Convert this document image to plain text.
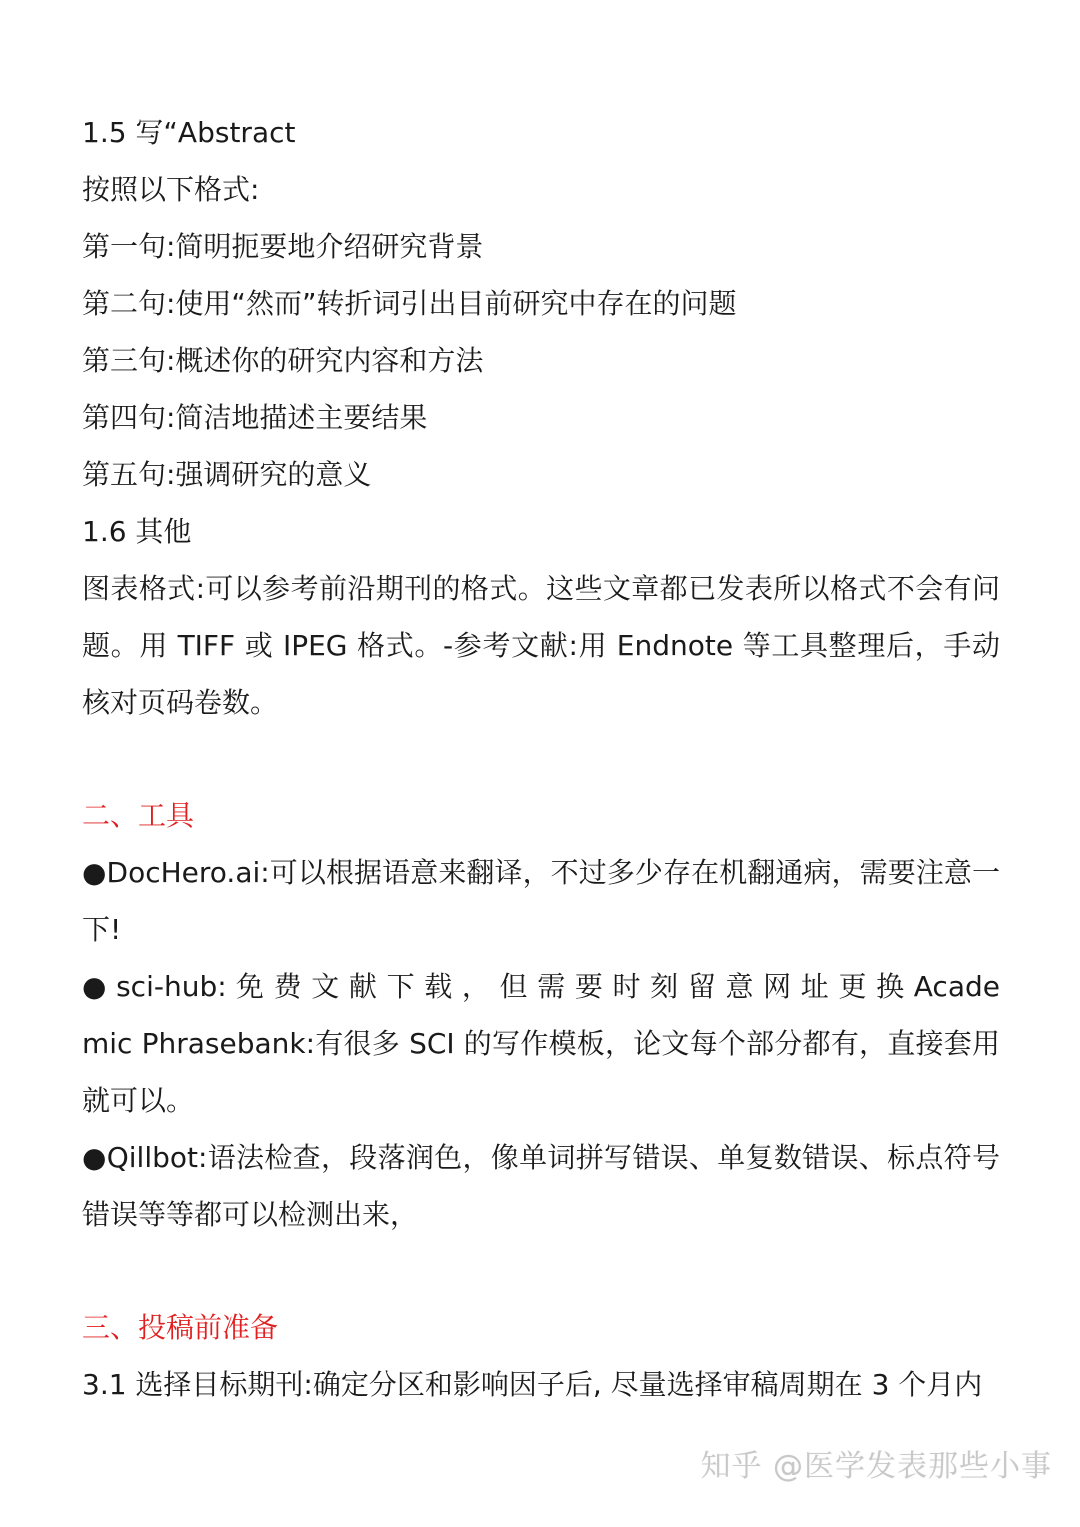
1.5 写“Abstract
按照以下格式:
第一句:简明扼要地介绍研究背景
第二句:使用“然而”转折词引出目前研究中存在的问题
第三句:概述你的研究内容和方法
第四句:简洁地描述主要结果
第五句:强调研究的意义
1.6 其他

图表格式:可以参考前沿期刊的格式。这些文章都已发表所以格式不会有问题。用 TIFF 或 IPEG 格式。-参考文献:用 Endnote 等工具整理后，手动核对页码卷数。

二、工具

●DocHero.ai:可以根据语意来翻译，不过多少存在机翻通病，需要注意一下!

● sci-hub: 免 费 文 献 下 载 ， 但 需 要 时 刻 留 意 网 址 更 换 Academic Phrasebank:有很多 SCI 的写作模板，论文每个部分都有，直接套用就可以。

●Qillbot:语法检查，段落润色，像单词拼写错误、单复数错误、标点符号错误等等都可以检测出来，

三、投稿前准备
3.1 选择目标期刊:确定分区和影响因子后, 尽量选择审稿周期在 3 个月内
知乎 @医学发表那些小事
